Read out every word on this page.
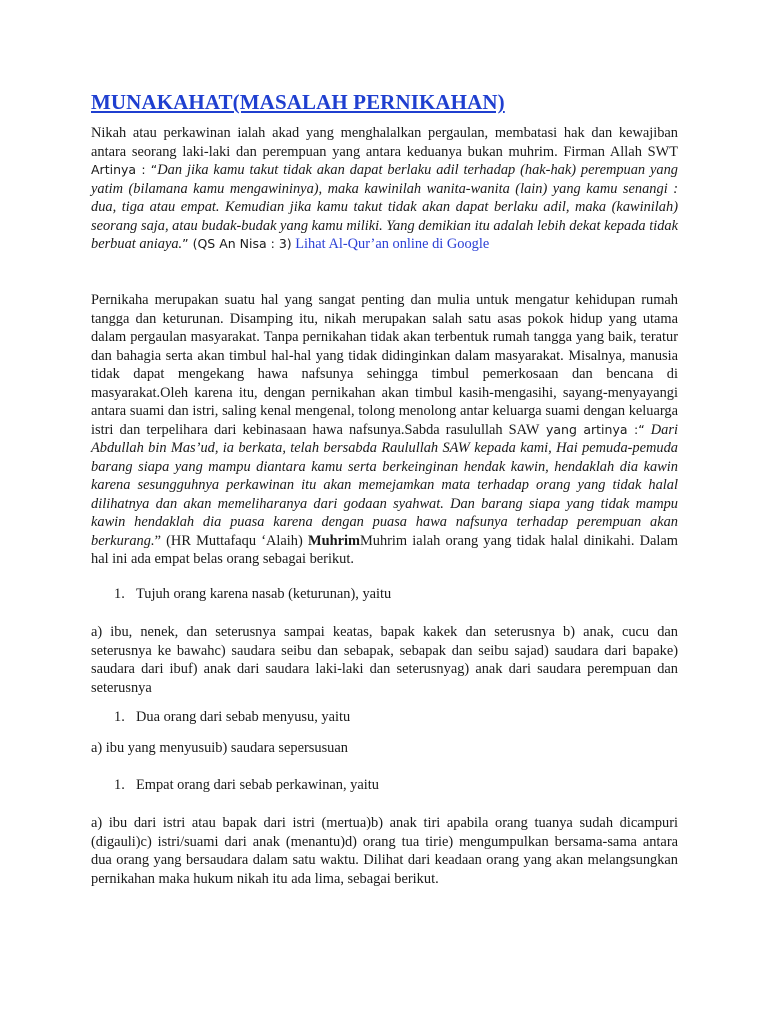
MUNAKAHAT(MASALAH PERNIKAHAN)

Nikah atau perkawinan ialah akad yang menghalalkan pergaulan, membatasi hak dan kewajiban antara seorang laki-laki dan perempuan yang antara keduanya bukan muhrim. Firman Allah SWT Artinya : “Dan jika kamu takut tidak akan dapat berlaku adil terhadap (hak-hak) perempuan yang yatim (bilamana kamu mengawininya), maka kawinilah wanita-wanita (lain) yang kamu senangi : dua, tiga atau empat. Kemudian jika kamu takut tidak akan dapat berlaku adil, maka (kawinilah) seorang saja, atau budak-budak yang kamu miliki. Yang demikian itu adalah lebih dekat kepada tidak berbuat aniaya.” (QS An Nisa : 3) Lihat Al-Qur’an online di Google

Pernikaha merupakan suatu hal yang sangat penting dan mulia untuk mengatur kehidupan rumah tangga dan keturunan. Disamping itu, nikah merupakan salah satu asas pokok hidup yang utama dalam pergaulan masyarakat. Tanpa pernikahan tidak akan terbentuk rumah tangga yang baik, teratur dan bahagia serta akan timbul hal-hal yang tidak didinginkan dalam masyarakat. Misalnya, manusia tidak dapat mengekang hawa nafsunya sehingga timbul pemerkosaan dan bencana di masyarakat.Oleh karena itu, dengan pernikahan akan timbul kasih-mengasihi, sayang-menyayangi antara suami dan istri, saling kenal mengenal, tolong menolong antar keluarga suami dengan keluarga istri dan terpelihara dari kebinasaan hawa nafsunya.Sabda rasulullah SAW yang artinya :“ Dari Abdullah bin Mas’ud, ia berkata, telah bersabda Raulullah SAW kepada kami, Hai pemuda-pemuda barang siapa yang mampu diantara kamu serta berkeinginan hendak kawin, hendaklah dia kawin karena sesungguhnya perkawinan itu akan memejamkan mata terhadap orang yang tidak halal dilihatnya dan akan memeliharanya dari godaan syahwat. Dan barang siapa yang tidak mampu kawin hendaklah dia puasa karena dengan puasa hawa nafsunya terhadap perempuan akan berkurang.” (HR Muttafaqu ‘Alaih) MuhrimMuhrim ialah orang yang tidak halal dinikahi. Dalam hal ini ada empat belas orang sebagai berikut.

1. Tujuh orang karena nasab (keturunan), yaitu

a) ibu, nenek, dan seterusnya sampai keatas, bapak kakek dan seterusnya b) anak, cucu dan seterusnya ke bawahc) saudara seibu dan sebapak, sebapak dan seibu sajad) saudara dari bapake) saudara dari ibuf) anak dari saudara laki-laki dan seterusnyag) anak dari saudara perempuan dan seterusnya

1. Dua orang dari sebab menyusu, yaitu

a) ibu yang menyusuib) saudara sepersusuan

1. Empat orang dari sebab perkawinan, yaitu

a) ibu dari istri atau bapak dari istri (mertua)b) anak tiri apabila orang tuanya sudah dicampuri (digauli)c) istri/suami dari anak (menantu)d) orang tua tirie) mengumpulkan bersama-sama antara dua orang yang bersaudara dalam satu waktu. Dilihat dari keadaan orang yang akan melangsungkan pernikahan maka hukum nikah itu ada lima, sebagai berikut.
